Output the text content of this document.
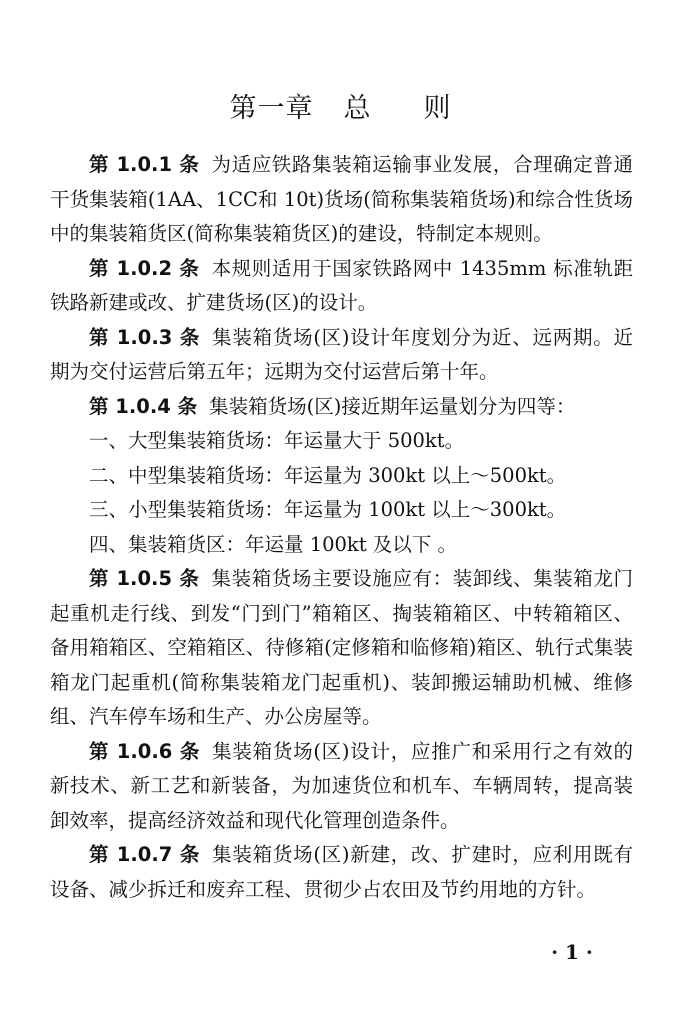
第一章 总 则

第 1.0.1 条 为适应铁路集装箱运输事业发展，合理确定普通干货集装箱(1AA、1CC和 10t)货场(简称集装箱货场)和综合性货场中的集装箱货区(简称集装箱货区)的建设，特制定本规则。

第 1.0.2 条 本规则适用于国家铁路网中 1435mm 标准轨距铁路新建或改、扩建货场(区)的设计。

第 1.0.3 条 集装箱货场(区)设计年度划分为近、远两期。近期为交付运营后第五年；远期为交付运营后第十年。

第 1.0.4 条 集装箱货场(区)接近期年运量划分为四等：

一、大型集装箱货场：年运量大于 500kt。

二、中型集装箱货场：年运量为 300kt 以上～500kt。

三、小型集装箱货场：年运量为 100kt 以上～300kt。

四、集装箱货区：年运量 100kt 及以下 。

第 1.0.5 条 集装箱货场主要设施应有：装卸线、集装箱龙门起重机走行线、到发“门到门”箱箱区、掏装箱箱区、中转箱箱区、备用箱箱区、空箱箱区、待修箱(定修箱和临修箱)箱区、轨行式集装箱龙门起重机(简称集装箱龙门起重机)、装卸搬运辅助机械、维修组、汽车停车场和生产、办公房屋等。

第 1.0.6 条 集装箱货场(区)设计，应推广和采用行之有效的新技术、新工艺和新装备，为加速货位和机车、车辆周转，提高装卸效率，提高经济效益和现代化管理创造条件。

第 1.0.7 条 集装箱货场(区)新建，改、扩建时，应利用既有设备、减少拆迁和废弃工程、贯彻少占农田及节约用地的方针。

· 1 ·
